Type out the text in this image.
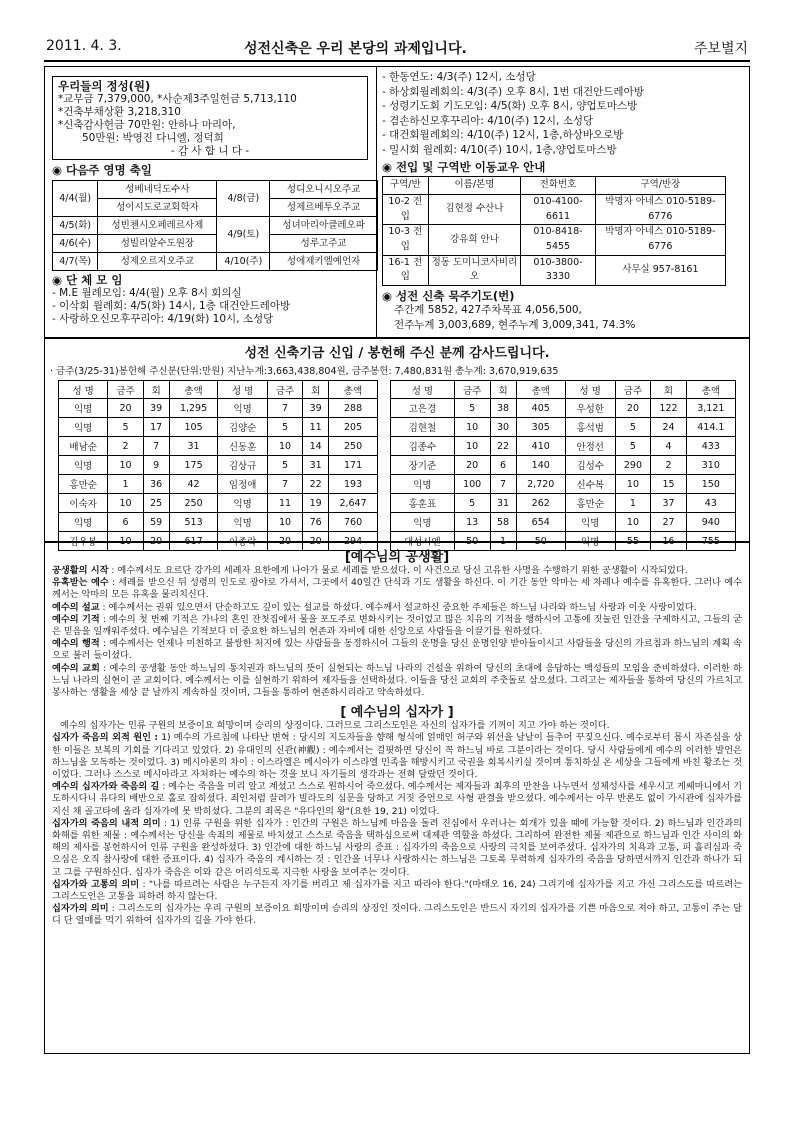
2011. 4. 3.	성전신축은 우리 본당의 과제입니다.	주보별지
우리들의 정성(원)
*교무금 7,379,000, *사순제3주일헌금 5,713,110
*건축부채상환 3,218,310
*신축감사헌금 70만원: 안하나 마리아,
50만원: 박영진 다니엘, 정덕희
- 감 사 합 니 다 -
◉ 다음주 영명 축일
4/4(월)	성베네딕도수사	4/8(금)	성디오니시오주교
	성이시도로교회학자		성제르베투오주교
4/5(화)	성빈첸시오페레르사제	4/9(토)	성녀마리아클레오파
4/6(수)	성빌리알수도원장		성루고주교
4/7(목)	성제오르지오주교	4/10(주)	성에제키엘예언자
◉ 단 체 모 임
- M.E 월례모임: 4/4(월) 오후 8시 회의실
- 이삭회 월례회: 4/5(화) 14시, 1층 대건안드레아방
- 사랑하오신모후꾸리아: 4/19(화) 10시, 소성당
- 한동연도: 4/3(주) 12시, 소성당
- 하상회월례회의: 4/3(주) 오후 8시, 1번 대건안드레아방
- 성령기도회 기도모임: 4/5(화) 오후 8시, 양업토마스방
- 겸손하신모후꾸리아: 4/10(주) 12시, 소성당
- 대건회월례회의: 4/10(주) 12시, 1층,하상바오로방
- 밀시회 월례회: 4/10(주) 10시, 1층,양업토마스방
◉ 전입 및 구역반 이동교우 안내
구역/반	이름/본명	전화번호	구역/반장
10-2 전입	김현정 수산나	010-4100-6611	박명자 아네스 010-5189-6776
10-3 전입	강유희 안나	010-8418-5455	박명자 아네스 010-5189-6776
16-1 전입	정동 도미니코사비리오	010-3800-3330	사무실 957-8161
◉ 성전 신축 묵주기도(번)
주간계 5852, 427주차목표 4,056,500,
전주누계 3,003,689, 현주누계 3,009,341, 74.3%
성전 신축기금 신입 / 봉헌해 주신 분께 감사드립니다.
· 금주(3/25-31)봉헌해 주신분(단위:만원) 지난누계:3,663,438,804원, 금주봉헌: 7,480,831원 총누계: 3,670,919,635
성 명	금주	회	총액	성 명	금주	회	총액
익명	20	39	1,295	익명	7	39	288
익명	5	17	105	김양순	5	11	205
배남순	2	7	31	신동훈	10	14	250
익명	10	9	175	김상규	5	31	171
홍만순	1	36	42	임정애	7	22	193
이숙자	10	25	250	익명	11	19	2,647
익명	6	59	513	익명	10	76	760
김우봉	10	20	617	이종락	20	20	294
성 명	금주	회	총액	성 명	금주	회	총액
고은경	5	38	405	우성한	20	122	3,121
김현철	10	30	305	홍석범	5	24	414.1
김종수	10	22	410	안정선	5	4	433
장기준	20	6	140	김성수	290	2	310
익명	100	7	2,720	신수복	10	15	150
홍훈표	5	31	262	홍만순	1	37	43
익명	13	58	654	익명	10	27	940
대성시엔	50	1	50	익명	55	16	755
[예수님의 공생활]
공생활의 시작 : 예수께서도 요르단 강가의 세례자 요한에게 나아가 물로 세례를 받으셨다. 이 사건으로 당신 고유한 사명을 수행하기 위한 공생활이 시작되었다.
유혹받는 예수 : 세례를 받으신 뒤 성령의 인도로 광야로 가셔서, 그곳에서 40일간 단식과 기도 생활을 하신다. 이 기간 동안 악마는 세 차례나 예수를 유혹한다. 그러나 예수께서는 악마의 모든 유혹을 물리치신다.
예수의 설교 : 예수께서는 권위 있으면서 단순하고도 깊이 있는 설교를 하셨다. 예수께서 설교하신 중요한 주제들은 하느님 나라와 하느님 사랑과 이웃 사랑이었다.
예수의 기적 : 예수의 첫 번째 기적은 가나의 혼인 잔칫집에서 물을 포도주로 변화시키는 것이었고 많은 치유의 기적을 행하시어 고통에 짓눌린 인간을 구제하시고, 그들의 굳은 믿음을 일깨워주셨다. 예수님은 기적보다 더 중요한 하느님의 현존과 자비에 대한 신앙으로 사람들을 이끌기를 원하셨다.
예수의 행적 : 예수께서는 언제나 미천하고 불쌍한 처지에 있는 사람들을 동정하시어 그들의 운명을 당신 운명인양 받아들이시고 사람들을 당신의 가르침과 하느님의 계획 속으로 불러 들이셨다.
예수의 교회 : 예수의 공생활 동안 하느님의 통치권과 하느님의 뜻이 실현되는 하느님 나라의 건설을 위하여 당신의 초대에 응답하는 백성들의 모임을 준비하셨다. 이러한 하느님 나라의 실현이 곧 교회이다. 예수께서는 이를 실현하기 위하여 제자들을 선택하셨다. 이들을 당신 교회의 주춧돌로 삼으셨다. 그리고는 제자들을 통하여 당신의 가르치고 봉사하는 생활을 세상 끝 날까지 계속하실 것이며, 그들을 통하여 현존하시리라고 약속하셨다.
[ 예수님의 십자가 ]
예수의 십자가는 인류 구원의 보증이요 희망이며 승리의 상징이다. 그러므로 그리스도인은 자신의 십자가를 기꺼이 지고 가야 하는 것이다.
십자가 죽음의 외적 원인 : 1) 예수의 가르침에 나타난 변혁 : 당시의 지도자들을 향해 형식에 얽매인 허구와 위선을 날날이 들추어 꾸짖으신다. 예수로부터 몹시 자존심을 상한 이들은 보복의 기회를 기다리고 있었다. 2) 유대인의 신관(神觀) : 예수께서는 걸핏하면 당신이 꼭 하느님 바로 그분이라는 것이다. 당시 사람들에게 예수의 이러한 발언은 하느님을 모독하는 것이었다. 3) 메시아론의 차이 : 이스라엘은 메시아가 이스라엘 민족을 해방시키고 국권을 회복시키실 것이며 통치하실 온 세상을 그들에게 바친 황조는 것이었다. 그러나 스스로 메시아라고 자처하는 예수의 하는 것을 보니 자기들의 생각과는 전혀 달랐던 것이다.
예수의 십자가와 죽음의 길 : 예수는 죽음을 미리 알고 계셨고 스스로 원하시어 죽으셨다. 예수께서는 제자들과 최후의 만찬을 나누면서 성체성사를 세우시고 게쎄마니에서 기도하시다니 유다의 배반으로 홀로 잡히셨다. 죄인처럼 끌려가 빌라도의 심문을 당하고 거짓 증언으로 사형 판결을 받으셨다. 예수께서는 아무 반론도 없이 가시관에 십자가를 지신 채 골고타에 올라 십자가에 못 박히셨다. 그분의 죄목은 "유다인의 왕"(요한 19, 21) 이었다.
십자가의 죽음의 내적 의미 : 1) 인류 구원을 위한 십자가 : 인간의 구원은 하느님께 마음을 돌려 진심에서 우러나는 회개가 있을 때에 가능할 것이다. 2) 하느님과 인간과의 화해를 위한 제물 : 예수께서는 당신을 속죄의 제물로 바치셨고 스스로 죽음을 택하심으로써 대제관 역할을 하셨다. 그리하여 완전한 제물 제관으로 하느님과 인간 사이의 화해의 제사를 봉헌하시어 인류 구원을 완성하셨다. 3) 인간에 대한 하느님 사랑의 증표 : 십자가의 죽음으로 사랑의 극치를 보여주셨다. 십자가의 치욕과 고통, 피 흘리심과 죽으심은 오직 참사랑에 대한 증표이다. 4) 십자가 죽음의 계시하는 것 : 인간을 너무나 사랑하시는 하느님은 그토록 무력하게 십자가의 죽음을 당하면서까지 인간과 하나가 되고 그를 구원하신다. 십자가 죽음은 이와 같은 어리석도록 지극한 사랑을 보여주는 것이다.
십자가와 고통의 의미 : "나를 따르려는 사람은 누구든지 자기를 버리고 제 십자가를 지고 따라야 한다."(마태오 16, 24) 그리기에 십자가를 지고 가신 그리스도를 따르려는 그리스도인은 고통을 피하려 하지 않는다.
십자가의 의미 : 그리스도의 십자가는 우리 구원의 보증이요 희망이며 승리의 상징인 것이다. 그리스도인은 반드시 자기의 십자가를 기쁜 마음으로 져야 하고, 고통이 주는 달디 단 열매를 먹기 위하여 십자가의 길을 가야 한다.
